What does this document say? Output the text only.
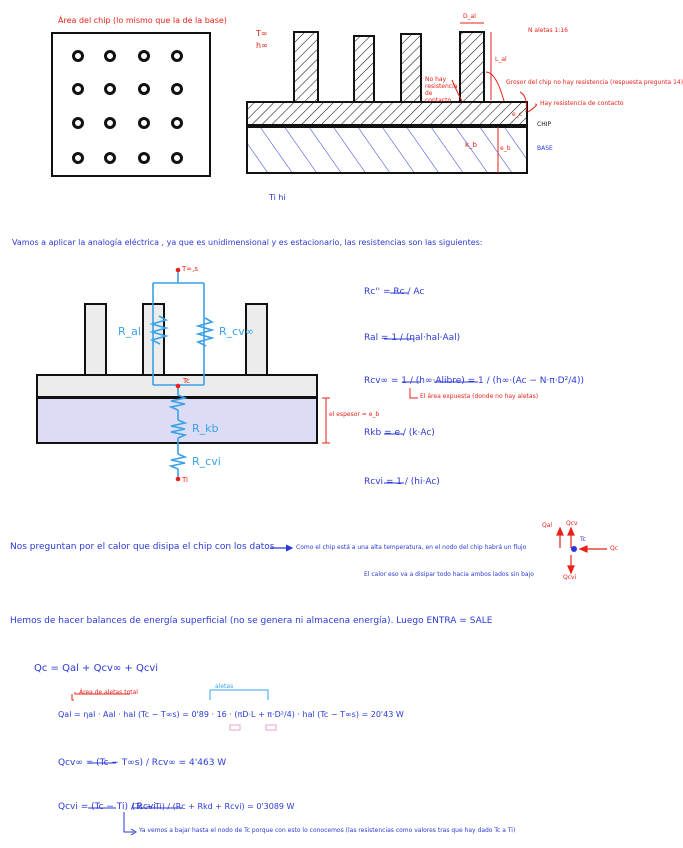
Área del chip (lo mismo que la de la base)
T∞
h∞
D_al
N aletas 1:16
L_al
No hay resistencia de contacto
Grosor del chip no hay resistencia (respuesta pregunta 14)
Hay resistencia de contacto
e_c
CHIP
BASE
e_b
k_b
Ti hi
Vamos a aplicar la analogía eléctrica , ya que es unidimensional y es estacionario, las resistencias son las siguientes:
T∞,s
R_al	R_cv∞
Tc
R_kb
R_cvi
Ti
el espesor = e_b
Rc'' = Rc / Ac
Ral = 1 / (ηal·hal·Aal)
Rcv∞ = 1 / (h∞·Alibre) = 1 / (h∞·(Ac − N·π·D²/4))
El área expuesta (donde no hay aletas)
Rkb = e / (k·Ac)
Rcvi = 1 / (hi·Ac)
Nos preguntan por el calor que disipa el chip con los datos	Como el chip está a una alta temperatura, en el nodo del chip habrá un flujo
El calor eso va a disipar todo hacia ambos lados sin bajo
Qal Qcv
Tc
Qc
Qcvi
Hemos de hacer balances de energía superficial (no se genera ni almacena energía). Luego ENTRA = SALE
Qc = Qal + Qcv∞ + Qcvi
Área de aletas total
aletas
Qal = ηal · Aal · hal (Tc − T∞s) = 0'89 · 16 · (πD·L + π·D²/4) · hal (Tc − T∞s) = 20'43 W
Qcv∞ = (Tc − T∞s) / Rcv∞ = 4'463 W
Qcvi = (Tc − Ti) / Rcvi
(Tc − Ti) / (Rc + Rkd + Rcvi) = 0'3089 W
Ya vemos a bajar hasta el nodo de Tc porque con esto lo conocemos (las resistencias como valores tras que hay dado Tc a Ti)
